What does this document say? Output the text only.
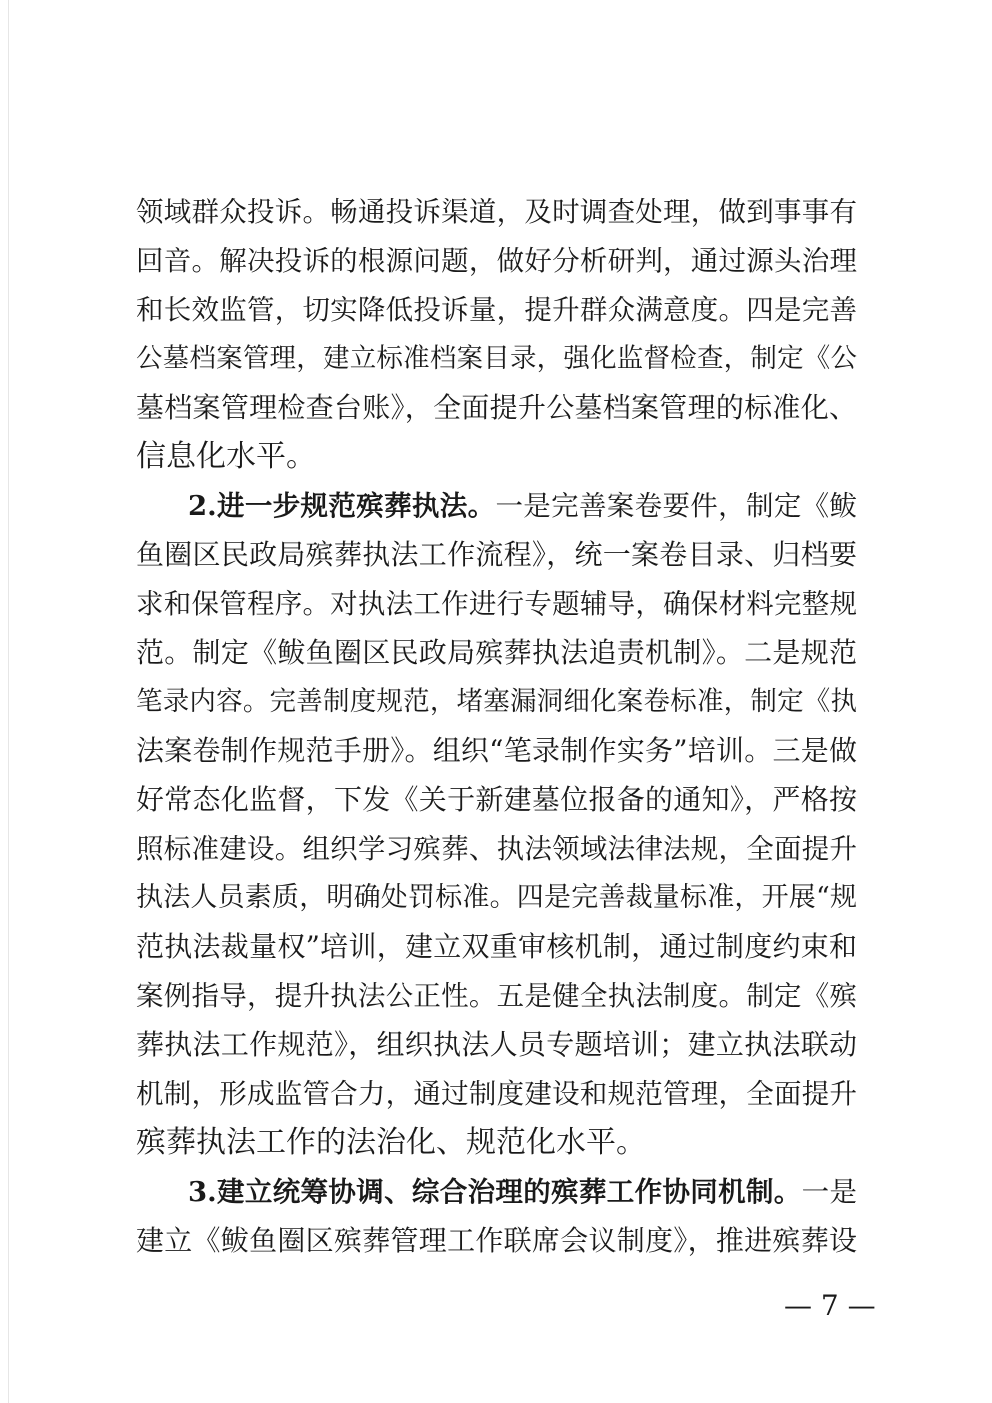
领域群众投诉。畅通投诉渠道，及时调查处理，做到事事有
回音。解决投诉的根源问题，做好分析研判，通过源头治理
和长效监管，切实降低投诉量，提升群众满意度。四是完善
公墓档案管理，建立标准档案目录，强化监督检查，制定《公
墓档案管理检查台账》，全面提升公墓档案管理的标准化、
信息化水平。
2.进一步规范殡葬执法。一是完善案卷要件，制定《鲅
鱼圈区民政局殡葬执法工作流程》，统一案卷目录、归档要
求和保管程序。对执法工作进行专题辅导，确保材料完整规
范。制定《鲅鱼圈区民政局殡葬执法追责机制》。二是规范
笔录内容。完善制度规范，堵塞漏洞细化案卷标准，制定《执
法案卷制作规范手册》。组织“笔录制作实务”培训。三是做
好常态化监督，下发《关于新建墓位报备的通知》，严格按
照标准建设。组织学习殡葬、执法领域法律法规，全面提升
执法人员素质，明确处罚标准。四是完善裁量标准，开展“规
范执法裁量权”培训，建立双重审核机制，通过制度约束和
案例指导，提升执法公正性。五是健全执法制度。制定《殡
葬执法工作规范》，组织执法人员专题培训；建立执法联动
机制，形成监管合力，通过制度建设和规范管理，全面提升
殡葬执法工作的法治化、规范化水平。
3.建立统筹协调、综合治理的殡葬工作协同机制。一是
建立《鲅鱼圈区殡葬管理工作联席会议制度》，推进殡葬设
— 7 —
